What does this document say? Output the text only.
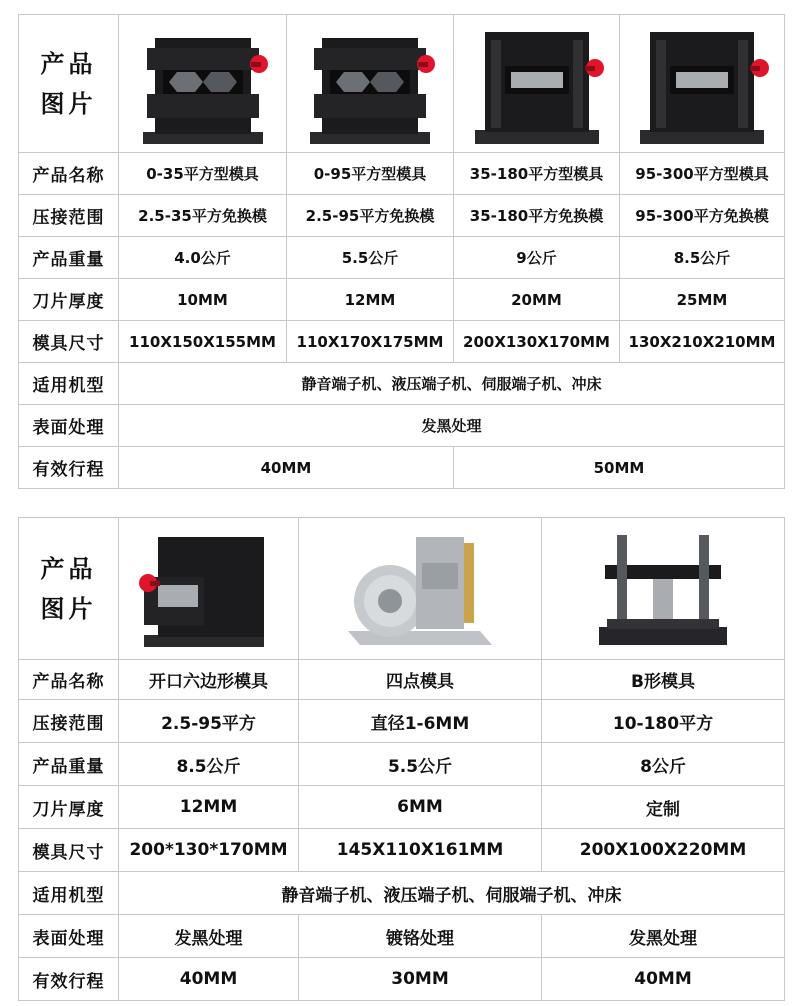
产品
图片

产品名称	0-35平方型模具	0-95平方型模具	35-180平方型模具	95-300平方型模具
压接范围	2.5-35平方免换模	2.5-95平方免换模	35-180平方免换模	95-300平方免换模
产品重量	4.0公斤	5.5公斤	9公斤	8.5公斤
刀片厚度	10MM	12MM	20MM	25MM
模具尺寸	110X150X155MM	110X170X175MM	200X130X170MM	130X210X210MM
适用机型	静音端子机、液压端子机、伺服端子机、冲床			
表面处理	发黑处理			
有效行程	40MM		50MM	
产品
图片

产品名称	开口六边形模具	四点模具	B形模具
压接范围	2.5-95平方	直径1-6MM	10-180平方
产品重量	8.5公斤	5.5公斤	8公斤
刀片厚度	12MM	6MM	定制
模具尺寸	200*130*170MM	145X110X161MM	200X100X220MM
适用机型	静音端子机、液压端子机、伺服端子机、冲床		
表面处理	发黑处理	镀铬处理	发黑处理
有效行程	40MM	30MM	40MM
